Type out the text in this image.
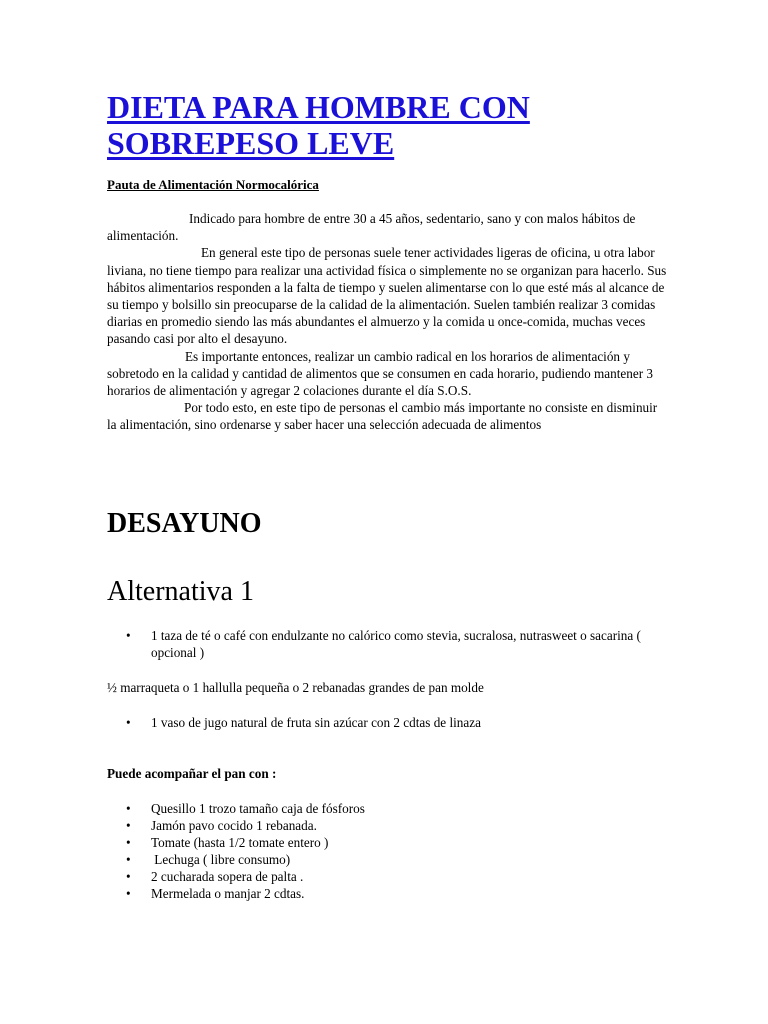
DIETA PARA HOMBRE CON
SOBREPESO LEVE

Pauta de Alimentación Normocalórica

Indicado para hombre de entre 30 a 45 años, sedentario, sano y con malos hábitos de alimentación.

En general este tipo de personas suele tener actividades ligeras de oficina, u otra labor liviana, no tiene tiempo para realizar una actividad física o simplemente no se organizan para hacerlo. Sus hábitos alimentarios responden a la falta de tiempo y suelen alimentarse con lo que esté más al alcance de su tiempo y bolsillo sin preocuparse de la calidad de la alimentación. Suelen también realizar 3 comidas diarias en promedio siendo las más abundantes el almuerzo y la comida u once-comida, muchas veces pasando casi por alto el desayuno.

Es importante entonces, realizar un cambio radical en los horarios de alimentación y sobretodo en la calidad y cantidad de alimentos que se consumen en cada horario, pudiendo mantener 3 horarios de alimentación y agregar 2 colaciones durante el día S.O.S.

Por todo esto, en este tipo de personas el cambio más importante no consiste en disminuir la alimentación, sino ordenarse y saber hacer una selección adecuada de alimentos

DESAYUNO
Alternativa 1
• 1 taza de té o café con endulzante no calórico como stevia, sucralosa, nutrasweet o sacarina ( opcional )

½ marraqueta o 1 hallulla pequeña o 2 rebanadas grandes de pan molde

• 1 vaso de jugo natural de fruta sin azúcar con 2 cdtas de linaza

Puede acompañar el pan con :

• Quesillo 1 trozo tamaño caja de fósforos
• Jamón pavo cocido 1 rebanada.
• Tomate (hasta 1/2 tomate entero )
• Lechuga ( libre consumo)
• 2 cucharada sopera de palta .
• Mermelada o manjar 2 cdtas.
